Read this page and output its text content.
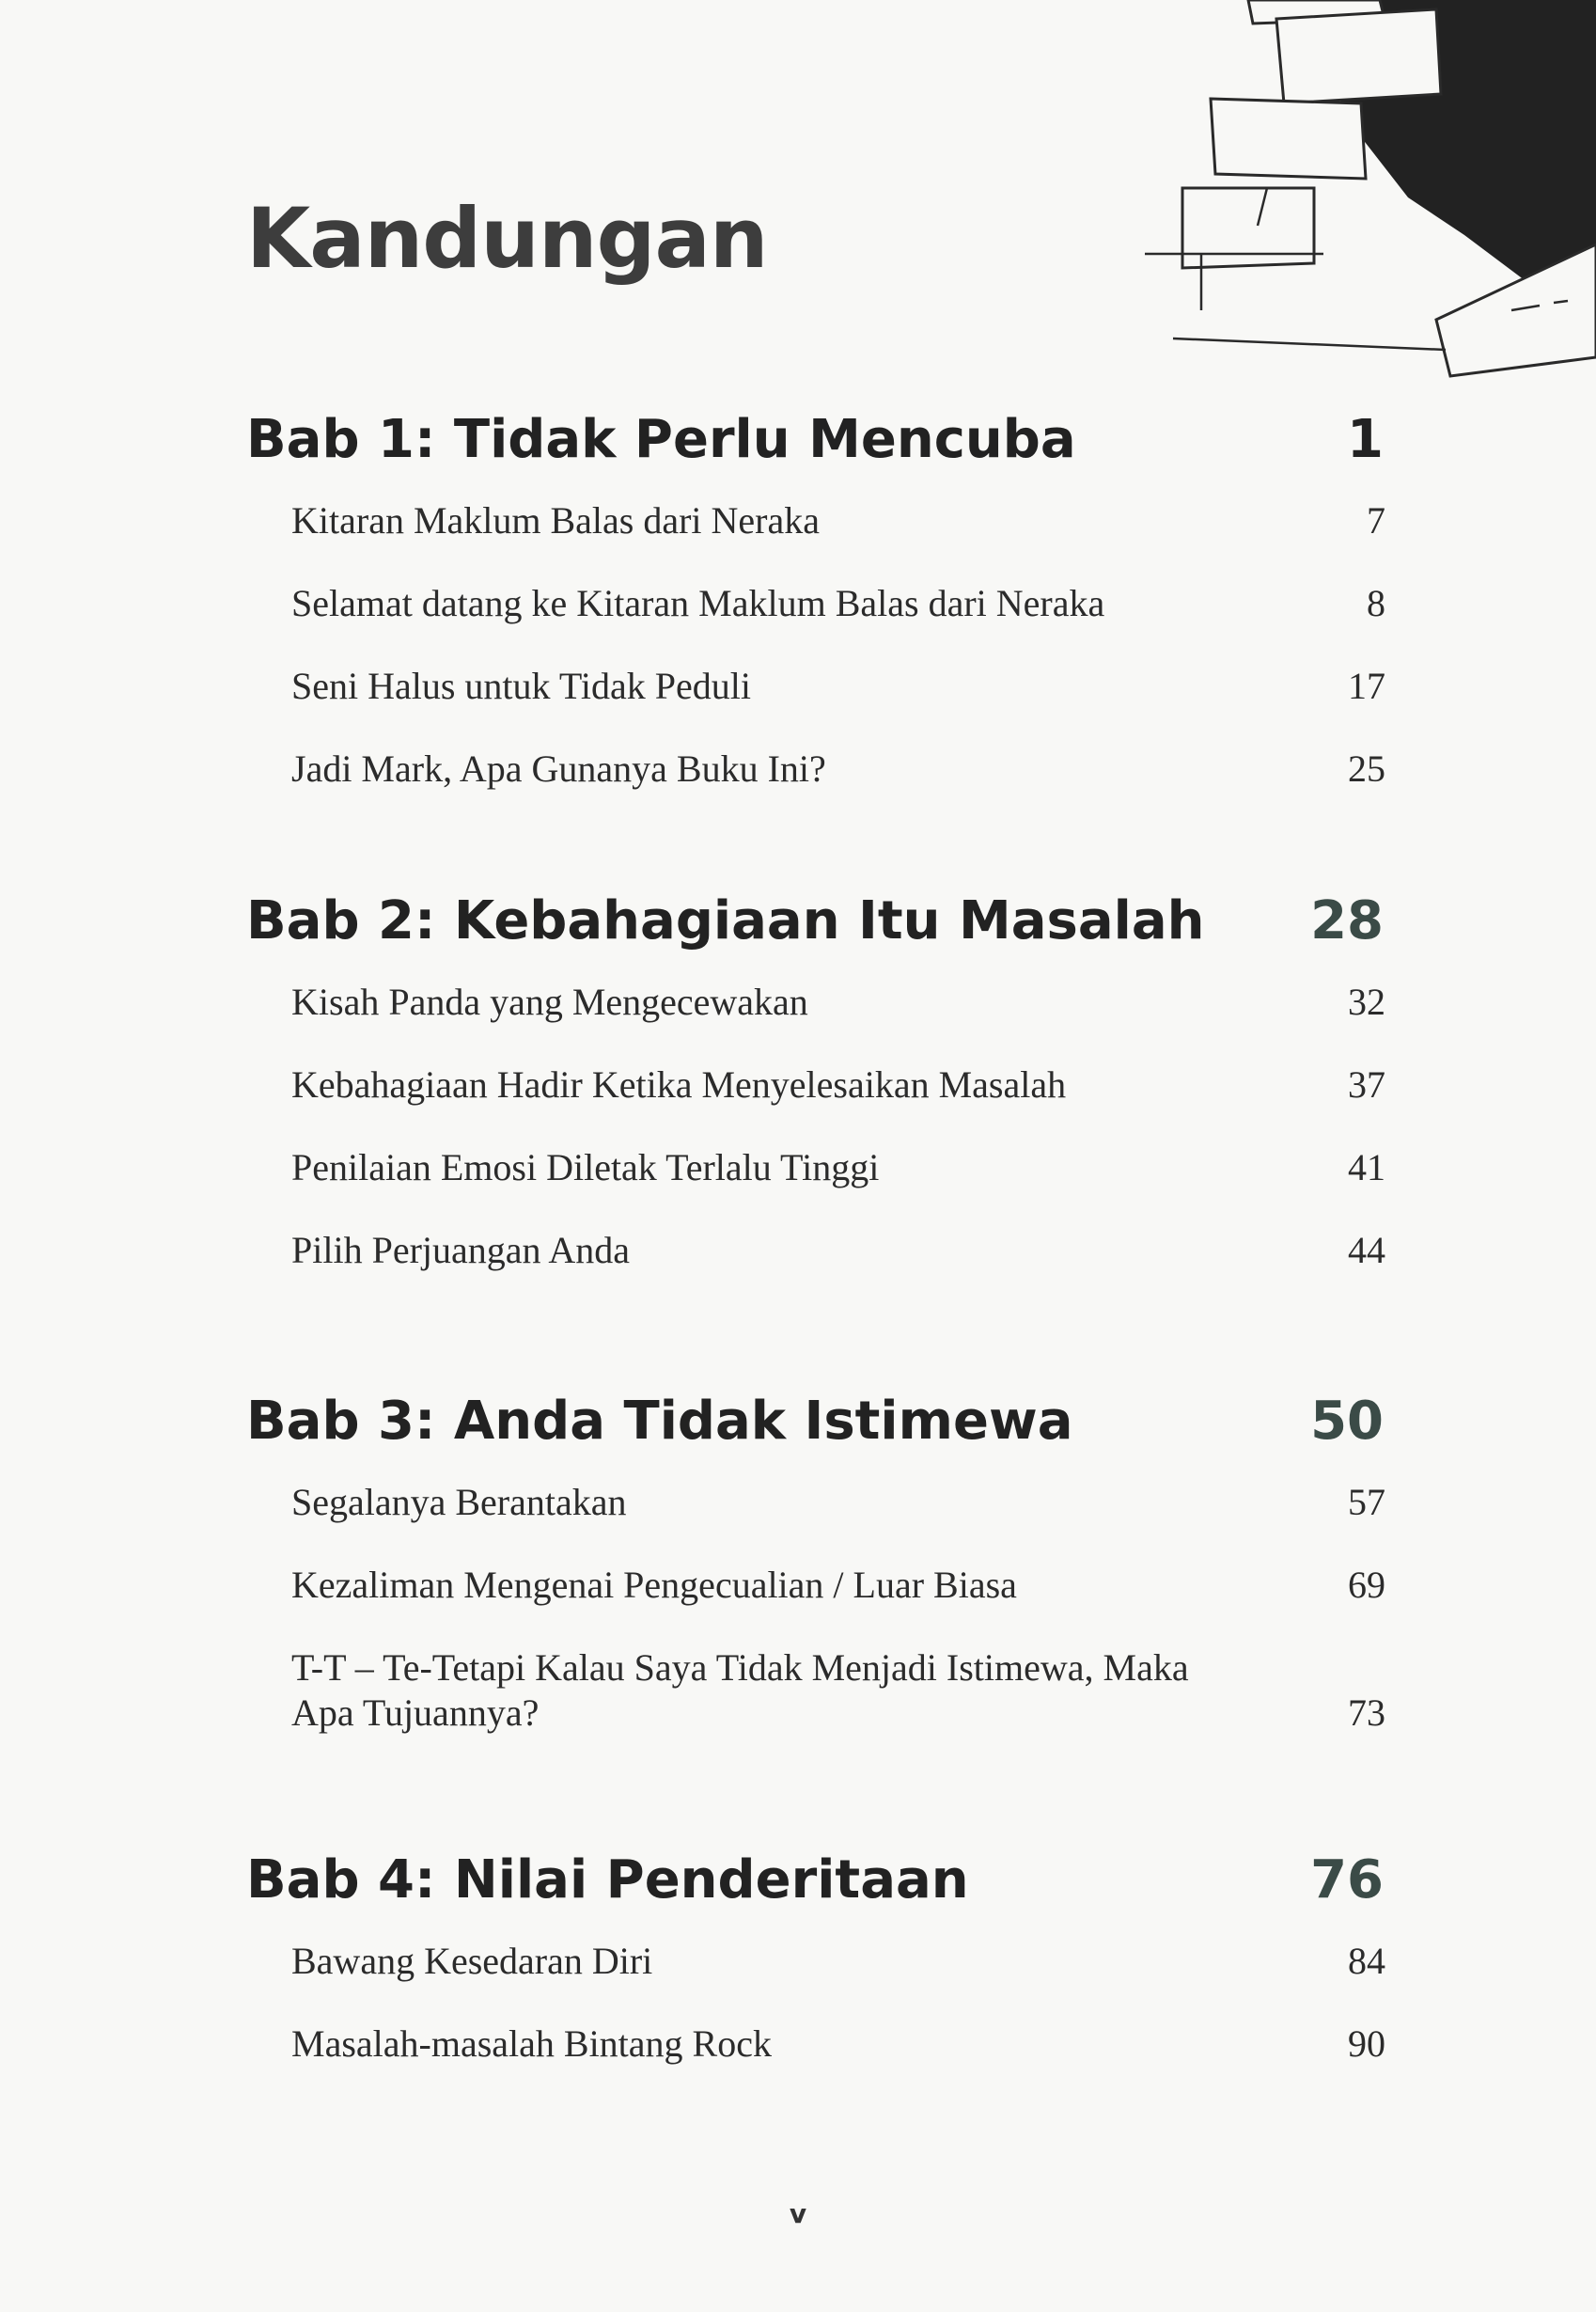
Kandungan
Bab 1: Tidak Perlu Mencuba	1
Kitaran Maklum Balas dari Neraka	7
Selamat datang ke Kitaran Maklum Balas dari Neraka	8
Seni Halus untuk Tidak Peduli	17
Jadi Mark, Apa Gunanya Buku Ini?	25
Bab 2: Kebahagiaan Itu Masalah 28
Kisah Panda yang Mengecewakan	32
Kebahagiaan Hadir Ketika Menyelesaikan Masalah	37
Penilaian Emosi Diletak Terlalu Tinggi	41
Pilih Perjuangan Anda	44
Bab 3: Anda Tidak Istimewa	50
Segalanya Berantakan	57
Kezaliman Mengenai Pengecualian / Luar Biasa	69
T-T – Te-Tetapi Kalau Saya Tidak Menjadi Istimewa, Maka Apa Tujuannya?	73
Bab 4: Nilai Penderitaan	76
Bawang Kesedaran Diri	84
Masalah-masalah Bintang Rock	90
v
